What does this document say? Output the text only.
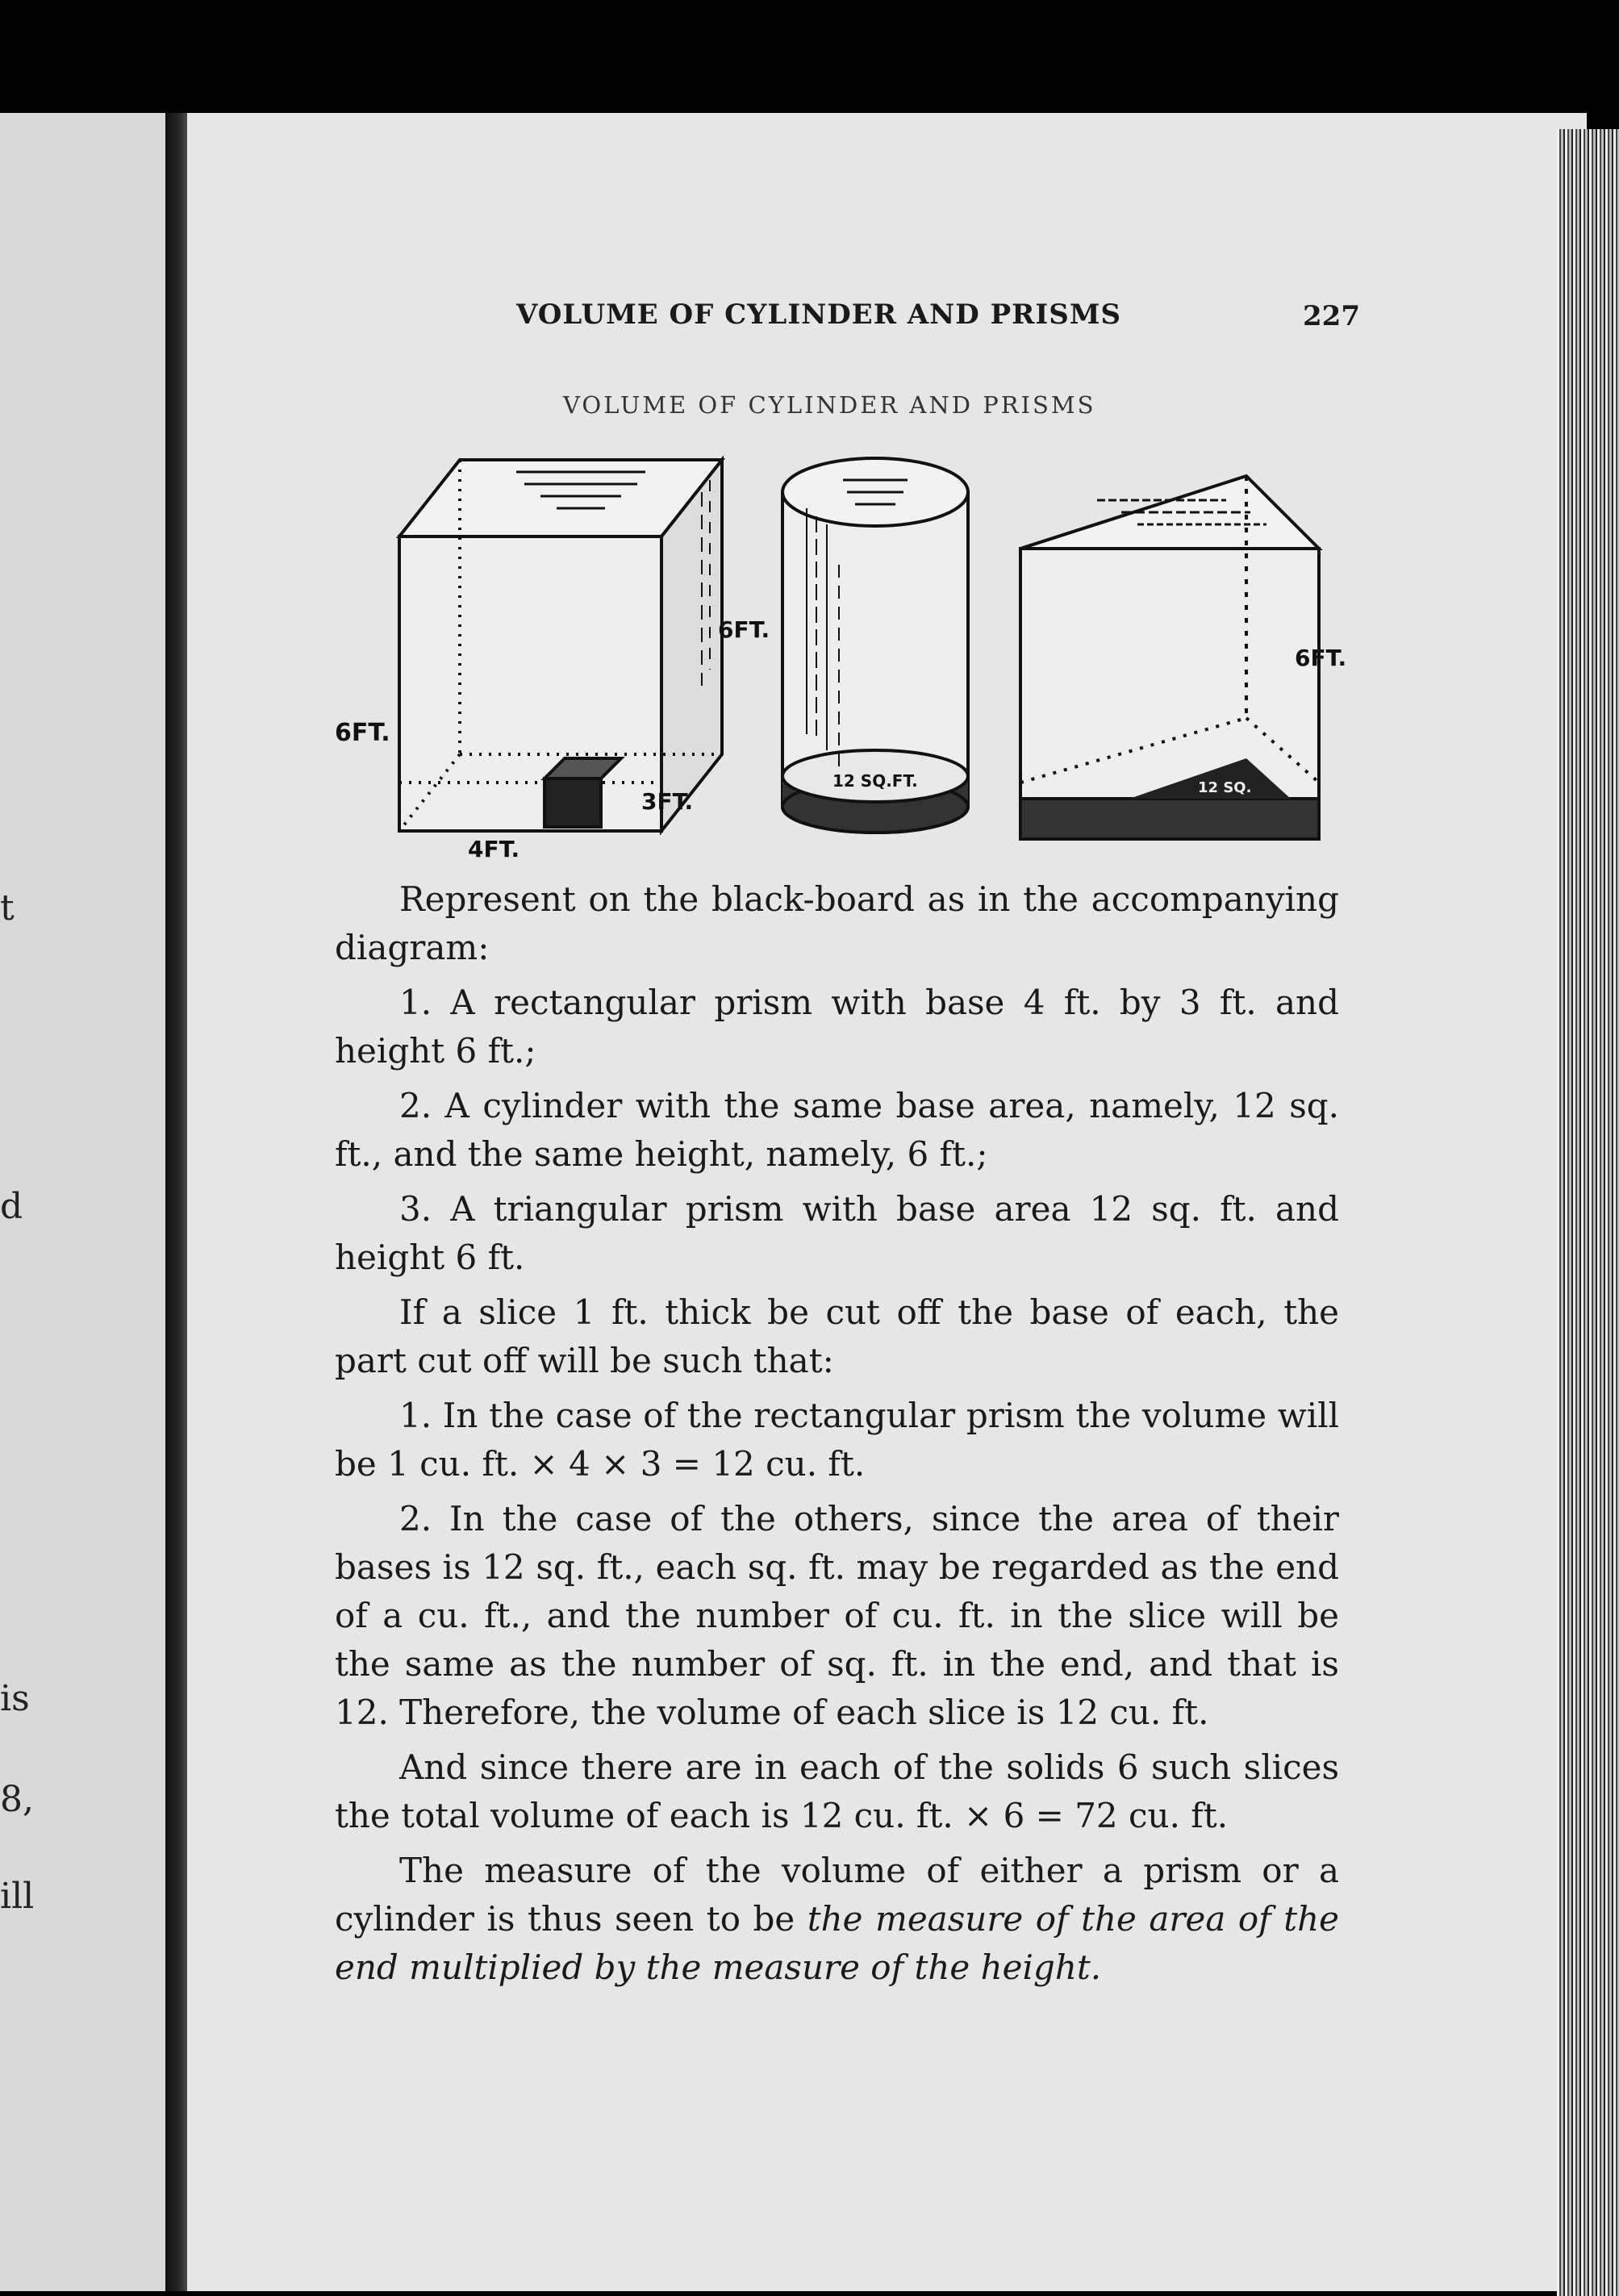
t
d
is
8,
ill
VOLUME OF CYLINDER AND PRISMS	227
VOLUME OF CYLINDER AND PRISMS
6FT.
3FT.
4FT.
6FT.
12 SQ.FT.
6FT.
12 SQ.

Represent on the black-board as in the accompanying diagram:

1. A rectangular prism with base 4 ft. by 3 ft. and height 6 ft.;

2. A cylinder with the same base area, namely, 12 sq. ft., and the same height, namely, 6 ft.;

3. A triangular prism with base area 12 sq. ft. and height 6 ft.

If a slice 1 ft. thick be cut off the base of each, the part cut off will be such that:

1. In the case of the rectangular prism the volume will be 1 cu. ft. × 4 × 3 = 12 cu. ft.

2. In the case of the others, since the area of their bases is 12 sq. ft., each sq. ft. may be regarded as the end of a cu. ft., and the number of cu. ft. in the slice will be the same as the number of sq. ft. in the end, and that is 12. Therefore, the volume of each slice is 12 cu. ft.

And since there are in each of the solids 6 such slices the total volume of each is 12 cu. ft. × 6 = 72 cu. ft.

The measure of the volume of either a prism or a cylinder is thus seen to be the measure of the area of the end multiplied by the measure of the height.
